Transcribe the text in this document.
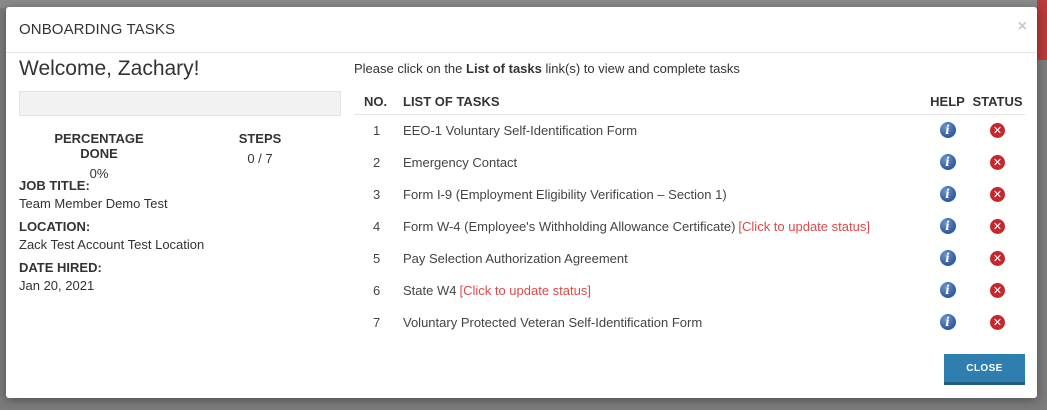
ONBOARDING TASKS	×
Welcome, Zachary!
PERCENTAGE DONE
0%
STEPS
0 / 7
JOB TITLE:
Team Member Demo Test
LOCATION:
Zack Test Account Test Location
DATE HIRED:
Jan 20, 2021
Please click on the List of tasks link(s) to view and complete tasks
NO.	LIST OF TASKS	HELP	STATUS
1	EEO-1 Voluntary Self-Identification Form	i	✕
2	Emergency Contact	i	✕
3	Form I-9 (Employment Eligibility Verification – Section 1)	i	✕
4	Form W-4 (Employee's Withholding Allowance Certificate) [Click to update status]	i	✕
5	Pay Selection Authorization Agreement	i	✕
6	State W4 [Click to update status]	i	✕
7	Voluntary Protected Veteran Self-Identification Form	i	✕
CLOSE
